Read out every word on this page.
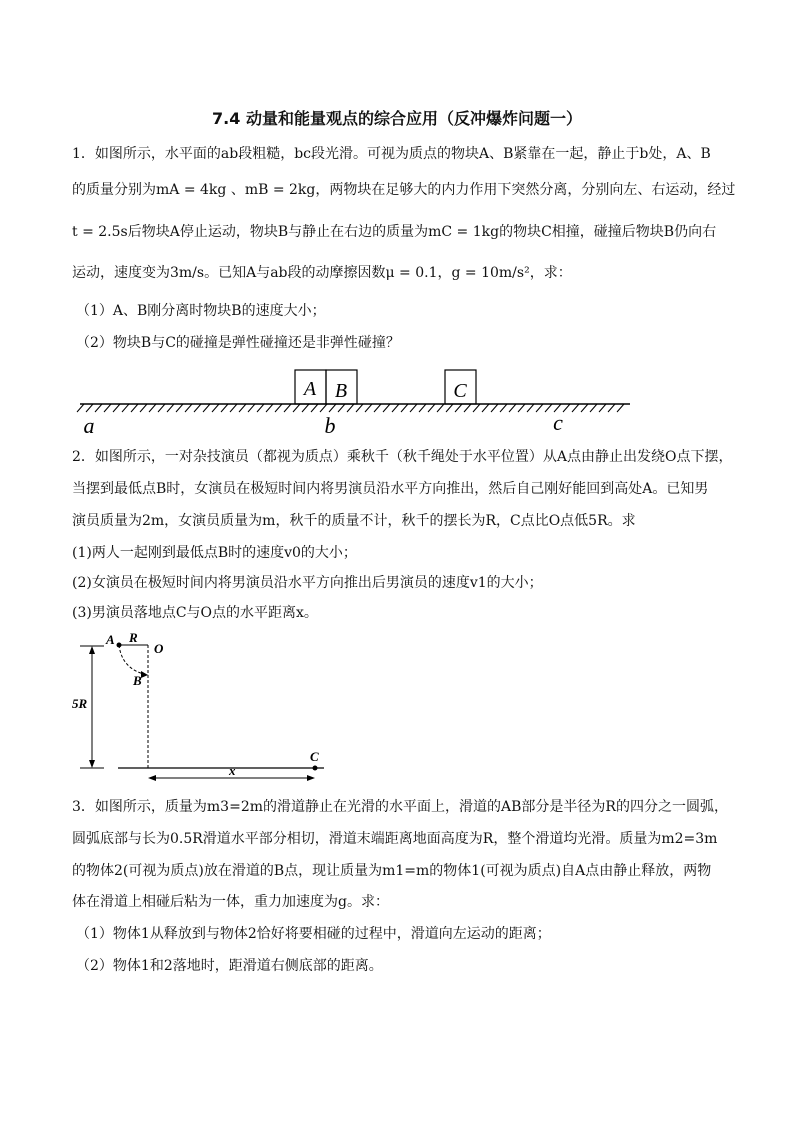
7.4 动量和能量观点的综合应用（反冲爆炸问题一）
1．如图所示，水平面的ab段粗糙，bc段光滑。可视为质点的物块A、B紧靠在一起，静止于b处，A、B
的质量分别为mA = 4kg 、mB = 2kg，两物块在足够大的内力作用下突然分离，分别向左、右运动，经过
t = 2.5s后物块A停止运动，物块B与静止在右边的质量为mC = 1kg的物块C相撞，碰撞后物块B仍向右
运动，速度变为3m/s。已知A与ab段的动摩擦因数μ = 0.1，g = 10m/s²，求：
（1）A、B刚分离时物块B的速度大小；
（2）物块B与C的碰撞是弹性碰撞还是非弹性碰撞？
A B	C
a	b	c
2．如图所示，一对杂技演员（都视为质点）乘秋千（秋千绳处于水平位置）从A点由静止出发绕O点下摆，
当摆到最低点B时，女演员在极短时间内将男演员沿水平方向推出，然后自己刚好能回到高处A。已知男
演员质量为2m，女演员质量为m，秋千的质量不计，秋千的摆长为R，C点比O点低5R。求
(1)两人一起刚到最低点B时的速度v0的大小；
(2)女演员在极短时间内将男演员沿水平方向推出后男演员的速度v1的大小；
(3)男演员落地点C与O点的水平距离x。
5R
A R
O
B
C
x
3．如图所示，质量为m3=2m的滑道静止在光滑的水平面上，滑道的AB部分是半径为R的四分之一圆弧，
圆弧底部与长为0.5R滑道水平部分相切，滑道末端距离地面高度为R，整个滑道均光滑。质量为m2=3m
的物体2(可视为质点)放在滑道的B点，现让质量为m1=m的物体1(可视为质点)自A点由静止释放，两物
体在滑道上相碰后粘为一体，重力加速度为g。求：
（1）物体1从释放到与物体2恰好将要相碰的过程中，滑道向左运动的距离；
（2）物体1和2落地时，距滑道右侧底部的距离。
